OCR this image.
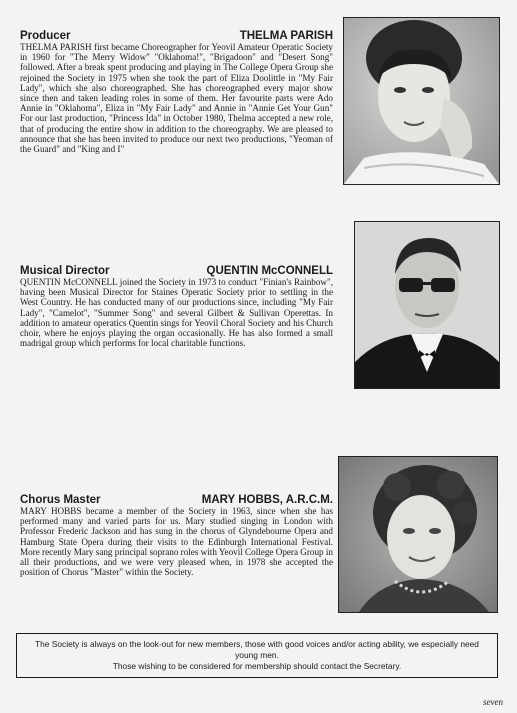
Producer	THELMA PARISH

THELMA PARISH first became Choreographer for Yeovil Amateur Operatic Society in 1960 for "The Merry Widow" "Oklahoma!", "Brigadoon" and "Desert Song" followed. After a break spent producing and playing in The College Opera Group she rejoined the Society in 1975 when she took the part of Eliza Doolittle in "My Fair Lady", which she also choreographed. She has choreographed every major show since then and taken leading roles in some of them. Her favourite parts were Ado Annie in "Oklahoma", Eliza in "My Fair Lady" and Annie in "Annie Get Your Gun" For our last production, "Princess Ida" in October 1980, Thelma accepted a new role, that of producing the entire show in addition to the choreography. We are pleased to announce that she has been invited to produce our next two productions, "Yeoman of the Guard" and "King and I"

Musical Director	QUENTIN McCONNELL

QUENTIN McCONNELL joined the Society in 1973 to conduct "Finian's Rainbow", having been Musical Director for Staines Operatic Society prior to settling in the West Country. He has conducted many of our productions since, including "My Fair Lady", "Camelot", "Summer Song" and several Gilbert & Sullivan Operettas. In addition to amateur operatics Quentin sings for Yeovil Choral Society and his Church choir, where he enjoys playing the organ occasionally. He has also formed a small madrigal group which performs for local charitable functions.

Chorus Master	MARY HOBBS, A.R.C.M.

MARY HOBBS became a member of the Society in 1963, since when she has performed many and varied parts for us. Mary studied singing in London with Professor Frederic Jackson and has sung in the chorus of Glyndebourne Opera and Hamburg State Opera during their visits to the Edinburgh International Festival. More recently Mary sang principal soprano roles with Yeovil College Opera Group in all their productions, and we were very pleased when, in 1978 she accepted the position of Chorus "Master" within the Society.

The Society is always on the look-out for new members, those with good voices and/or acting ability, we especially need young men.

Those wishing to be considered for membership should contact the Secretary.

seven
